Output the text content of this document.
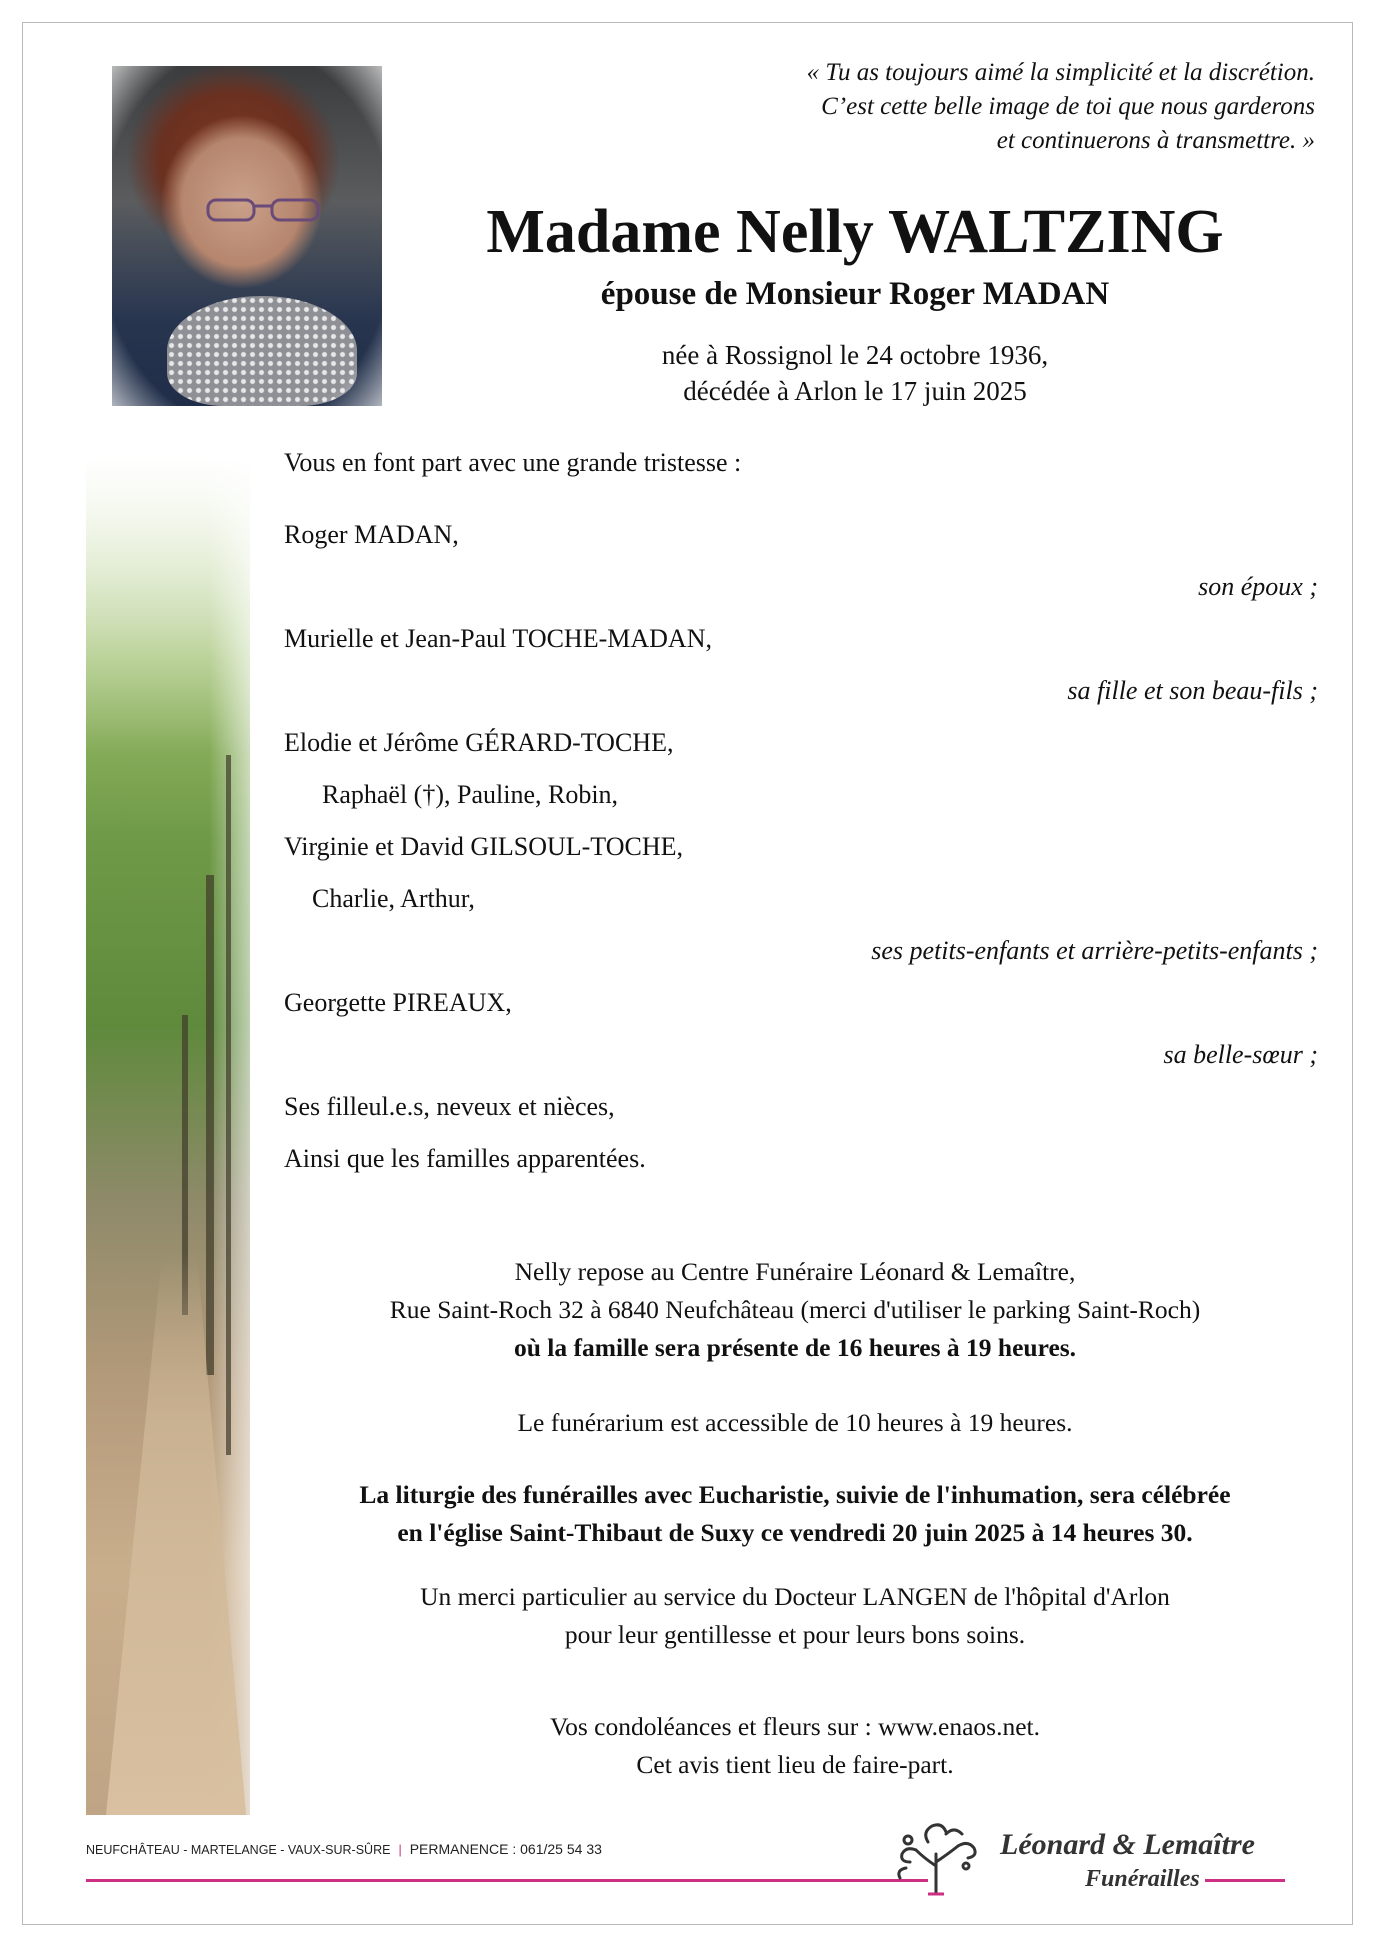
« Tu as toujours aimé la simplicité et la discrétion.
C’est cette belle image de toi que nous garderons
et continuerons à transmettre. »
Madame Nelly WALTZING
épouse de Monsieur Roger MADAN
née à Rossignol le 24 octobre 1936,
décédée à Arlon le 17 juin 2025
Vous en font part avec une grande tristesse :
Roger MADAN,
son époux ;
Murielle et Jean-Paul TOCHE-MADAN,
sa fille et son beau-fils ;
Elodie et Jérôme GÉRARD-TOCHE,
Raphaël (†), Pauline, Robin,
Virginie et David GILSOUL-TOCHE,
Charlie, Arthur,
ses petits-enfants et arrière-petits-enfants ;
Georgette PIREAUX,
sa belle-sœur ;
Ses filleul.e.s, neveux et nièces,
Ainsi que les familles apparentées.
Nelly repose au Centre Funéraire Léonard & Lemaître,
Rue Saint-Roch 32 à 6840 Neufchâteau (merci d'utiliser le parking Saint-Roch)
où la famille sera présente de 16 heures à 19 heures.
Le funérarium est accessible de 10 heures à 19 heures.
La liturgie des funérailles avec Eucharistie, suivie de l'inhumation, sera célébrée
en l'église Saint-Thibaut de Suxy ce vendredi 20 juin 2025 à 14 heures 30.
Un merci particulier au service du Docteur LANGEN de l'hôpital d'Arlon
pour leur gentillesse et pour leurs bons soins.
Vos condoléances et fleurs sur : www.enaos.net.
Cet avis tient lieu de faire-part.
NEUFCHÂTEAU - MARTELANGE - VAUX-SUR-SÛRE | PERMANENCE : 061/25 54 33	Léonard & Lemaître
Funérailles
